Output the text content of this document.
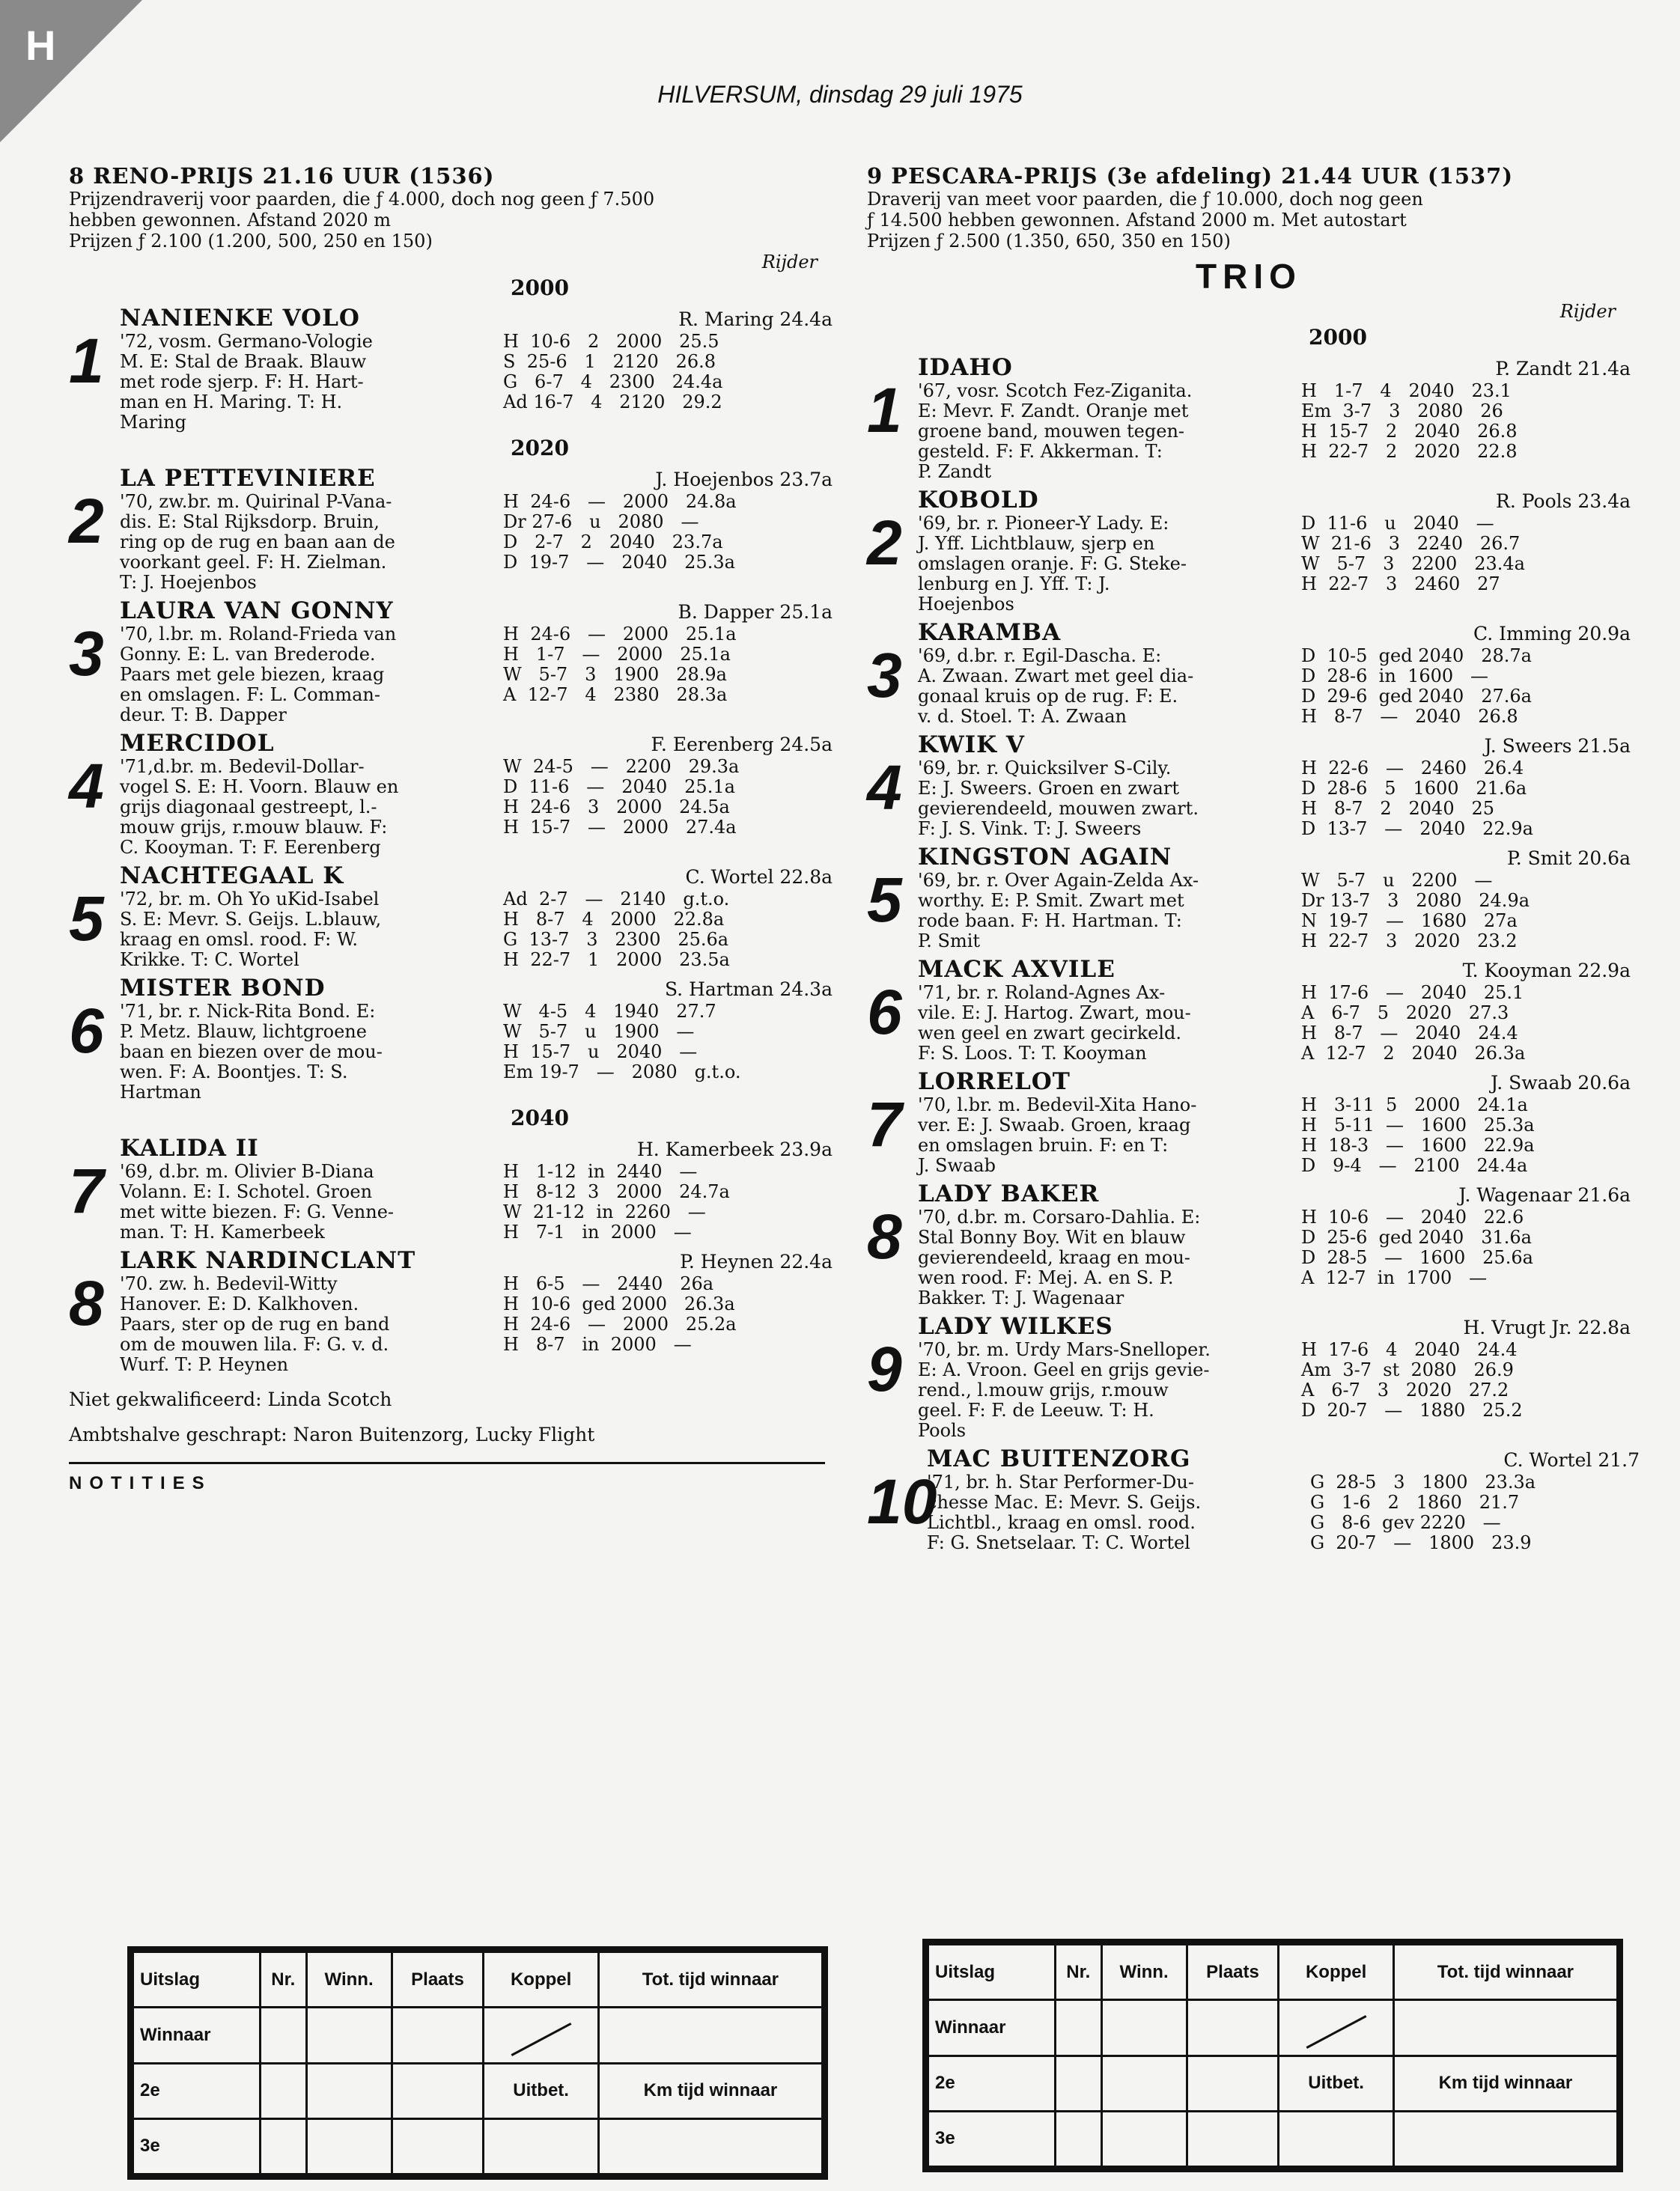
H
HILVERSUM, dinsdag 29 juli 1975
8 RENO-PRIJS 21.16 UUR (1536)
Prijzendraverij voor paarden, die ƒ 4.000, doch nog geen ƒ 7.500
hebben gewonnen. Afstand 2020 m
Prijzen ƒ 2.100 (1.200, 500, 250 en 150)
Rijder
2000
1
NANIENKE VOLO	R. Maring 24.4a
'72, vosm. Germano-Vologie
M. E: Stal de Braak. Blauw
met rode sjerp. F: H. Hart-
man en H. Maring. T: H.
Maring
H  10-6   2   2000   25.5
S  25-6   1   2120   26.8
G   6-7   4   2300   24.4a
Ad 16-7   4   2120   29.2
2020
2
LA PETTEVINIERE	J. Hoejenbos 23.7a
'70, zw.br. m. Quirinal P-Vana-
dis. E: Stal Rijksdorp. Bruin,
ring op de rug en baan aan de
voorkant geel. F: H. Zielman.
T: J. Hoejenbos
H  24-6   —   2000   24.8a
Dr 27-6   u   2080   —
D   2-7   2   2040   23.7a
D  19-7   —   2040   25.3a
3
LAURA VAN GONNY	B. Dapper 25.1a
'70, l.br. m. Roland-Frieda van
Gonny. E: L. van Brederode.
Paars met gele biezen, kraag
en omslagen. F: L. Comman-
deur. T: B. Dapper
H  24-6   —   2000   25.1a
H   1-7   —   2000   25.1a
W   5-7   3   1900   28.9a
A  12-7   4   2380   28.3a
4
MERCIDOL	F. Eerenberg 24.5a
'71,d.br. m. Bedevil-Dollar-
vogel S. E: H. Voorn. Blauw en
grijs diagonaal gestreept, l.-
mouw grijs, r.mouw blauw. F:
C. Kooyman. T: F. Eerenberg
W  24-5   —   2200   29.3a
D  11-6   —   2040   25.1a
H  24-6   3   2000   24.5a
H  15-7   —   2000   27.4a
5
NACHTEGAAL K	C. Wortel 22.8a
'72, br. m. Oh Yo uKid-Isabel
S. E: Mevr. S. Geijs. L.blauw,
kraag en omsl. rood. F: W.
Krikke. T: C. Wortel
Ad  2-7   —   2140   g.t.o.
H   8-7   4   2000   22.8a
G  13-7   3   2300   25.6a
H  22-7   1   2000   23.5a
6
MISTER BOND	S. Hartman 24.3a
'71, br. r. Nick-Rita Bond. E:
P. Metz. Blauw, lichtgroene
baan en biezen over de mou-
wen. F: A. Boontjes. T: S.
Hartman
W   4-5   4   1940   27.7
W   5-7   u   1900   —
H  15-7   u   2040   —
Em 19-7   —   2080   g.t.o.
2040
7
KALIDA II	H. Kamerbeek 23.9a
'69, d.br. m. Olivier B-Diana
Volann. E: I. Schotel. Groen
met witte biezen. F: G. Venne-
man. T: H. Kamerbeek
H   1-12  in  2440   —
H   8-12  3   2000   24.7a
W  21-12  in  2260   —
H   7-1   in  2000   —
8
LARK NARDINCLANT	P. Heynen 22.4a
'70. zw. h. Bedevil-Witty
Hanover. E: D. Kalkhoven.
Paars, ster op de rug en band
om de mouwen lila. F: G. v. d.
Wurf. T: P. Heynen
H   6-5   —   2440   26a
H  10-6  ged 2000   26.3a
H  24-6   —   2000   25.2a
H   8-7   in  2000   —
Niet gekwalificeerd: Linda Scotch
Ambtshalve geschrapt: Naron Buitenzorg, Lucky Flight
NOTITIES
9 PESCARA-PRIJS (3e afdeling) 21.44 UUR (1537)
Draverij van meet voor paarden, die ƒ 10.000, doch nog geen
ƒ 14.500 hebben gewonnen. Afstand 2000 m. Met autostart
Prijzen ƒ 2.500 (1.350, 650, 350 en 150)
TRIO
Rijder
2000
1
IDAHO	P. Zandt 21.4a
'67, vosr. Scotch Fez-Ziganita.
E: Mevr. F. Zandt. Oranje met
groene band, mouwen tegen-
gesteld. F: F. Akkerman. T:
P. Zandt
H   1-7   4   2040   23.1
Em  3-7   3   2080   26
H  15-7   2   2040   26.8
H  22-7   2   2020   22.8
2
KOBOLD	R. Pools 23.4a
'69, br. r. Pioneer-Y Lady. E:
J. Yff. Lichtblauw, sjerp en
omslagen oranje. F: G. Steke-
lenburg en J. Yff. T: J.
Hoejenbos
D  11-6   u   2040   —
W  21-6   3   2240   26.7
W   5-7   3   2200   23.4a
H  22-7   3   2460   27
3
KARAMBA	C. Imming 20.9a
'69, d.br. r. Egil-Dascha. E:
A. Zwaan. Zwart met geel dia-
gonaal kruis op de rug. F: E.
v. d. Stoel. T: A. Zwaan
D  10-5  ged 2040   28.7a
D  28-6  in  1600   —
D  29-6  ged 2040   27.6a
H   8-7   —   2040   26.8
4
KWIK V	J. Sweers 21.5a
'69, br. r. Quicksilver S-Cily.
E: J. Sweers. Groen en zwart
gevierendeeld, mouwen zwart.
F: J. S. Vink. T: J. Sweers
H  22-6   —   2460   26.4
D  28-6   5   1600   21.6a
H   8-7   2   2040   25
D  13-7   —   2040   22.9a
5
KINGSTON AGAIN	P. Smit 20.6a
'69, br. r. Over Again-Zelda Ax-
worthy. E: P. Smit. Zwart met
rode baan. F: H. Hartman. T:
P. Smit
W   5-7   u   2200   —
Dr 13-7   3   2080   24.9a
N  19-7   —   1680   27a
H  22-7   3   2020   23.2
6
MACK AXVILE	T. Kooyman 22.9a
'71, br. r. Roland-Agnes Ax-
vile. E: J. Hartog. Zwart, mou-
wen geel en zwart gecirkeld.
F: S. Loos. T: T. Kooyman
H  17-6   —   2040   25.1
A   6-7   5   2020   27.3
H   8-7   —   2040   24.4
A  12-7   2   2040   26.3a
7
LORRELOT	J. Swaab 20.6a
'70, l.br. m. Bedevil-Xita Hano-
ver. E: J. Swaab. Groen, kraag
en omslagen bruin. F: en T:
J. Swaab
H   3-11  5   2000   24.1a
H   5-11  —   1600   25.3a
H  18-3   —   1600   22.9a
D   9-4   —   2100   24.4a
8
LADY BAKER	J. Wagenaar 21.6a
'70, d.br. m. Corsaro-Dahlia. E:
Stal Bonny Boy. Wit en blauw
gevierendeeld, kraag en mou-
wen rood. F: Mej. A. en S. P.
Bakker. T: J. Wagenaar
H  10-6   —   2040   22.6
D  25-6  ged 2040   31.6a
D  28-5   —   1600   25.6a
A  12-7  in  1700   —
9
LADY WILKES	H. Vrugt Jr. 22.8a
'70, br. m. Urdy Mars-Snelloper.
E: A. Vroon. Geel en grijs gevie-
rend., l.mouw grijs, r.mouw
geel. F: F. de Leeuw. T: H.
Pools
H  17-6   4   2040   24.4
Am  3-7  st  2080   26.9
A   6-7   3   2020   27.2
D  20-7   —   1880   25.2
10
MAC BUITENZORG	C. Wortel 21.7
'71, br. h. Star Performer-Du-
chesse Mac. E: Mevr. S. Geijs.
Lichtbl., kraag en omsl. rood.
F: G. Snetselaar. T: C. Wortel
G  28-5   3   1800   23.3a
G   1-6   2   1860   21.7
G   8-6  gev 2220   —
G  20-7   —   1800   23.9
Uitslag	Nr.	Winn.	Plaats	Koppel	Tot. tijd winnaar
Winnaar					
2e				Uitbet.	Km tijd winnaar
3e					
Uitslag	Nr.	Winn.	Plaats	Koppel	Tot. tijd winnaar
Winnaar					
2e				Uitbet.	Km tijd winnaar
3e					
